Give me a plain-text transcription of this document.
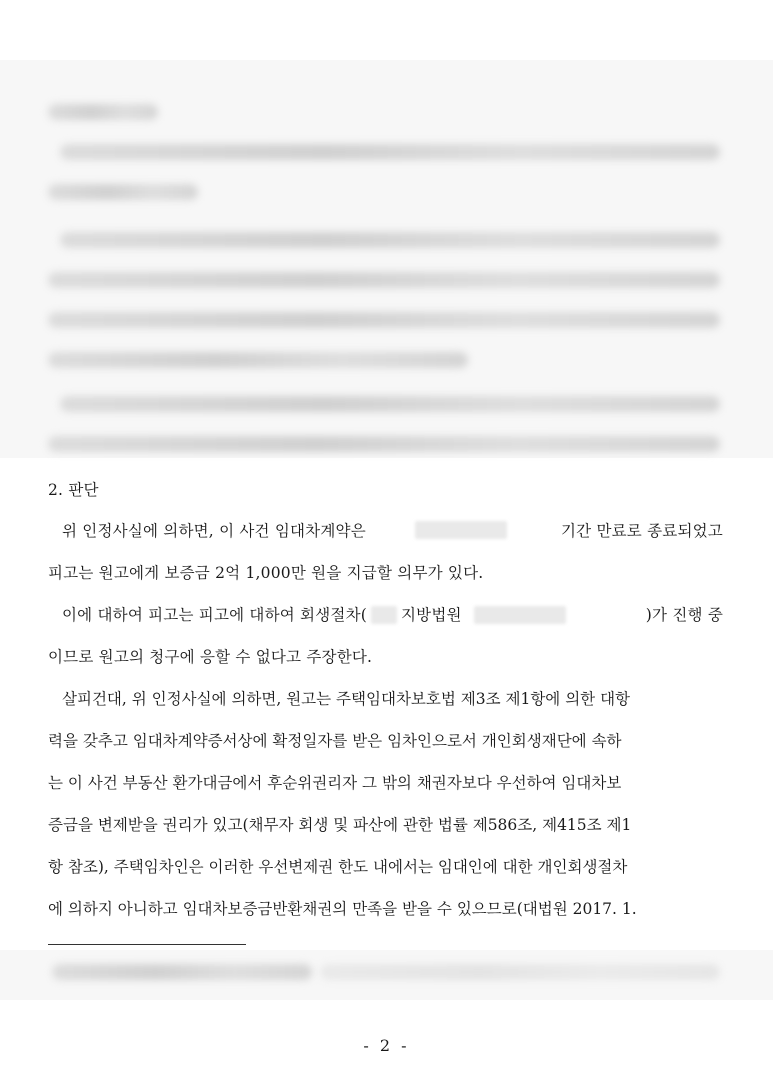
2. 판단
위 인정사실에 의하면, 이 사건 임대차계약은	기간 만료로 종료되었고
피고는 원고에게 보증금 2억 1,000만 원을 지급할 의무가 있다.
이에 대하여 피고는 피고에 대하여 회생절차( 지방법원	)가 진행 중
이므로 원고의 청구에 응할 수 없다고 주장한다.
살피건대, 위 인정사실에 의하면, 원고는 주택임대차보호법 제3조 제1항에 의한 대항
력을 갖추고 임대차계약증서상에 확정일자를 받은 임차인으로서 개인회생재단에 속하
는 이 사건 부동산 환가대금에서 후순위권리자 그 밖의 채권자보다 우선하여 임대차보
증금을 변제받을 권리가 있고(채무자 회생 및 파산에 관한 법률 제586조, 제415조 제1
항 참조), 주택임차인은 이러한 우선변제권 한도 내에서는 임대인에 대한 개인회생절차
에 의하지 아니하고 임대차보증금반환채권의 만족을 받을 수 있으므로(대법원 2017. 1.
- 2 -
